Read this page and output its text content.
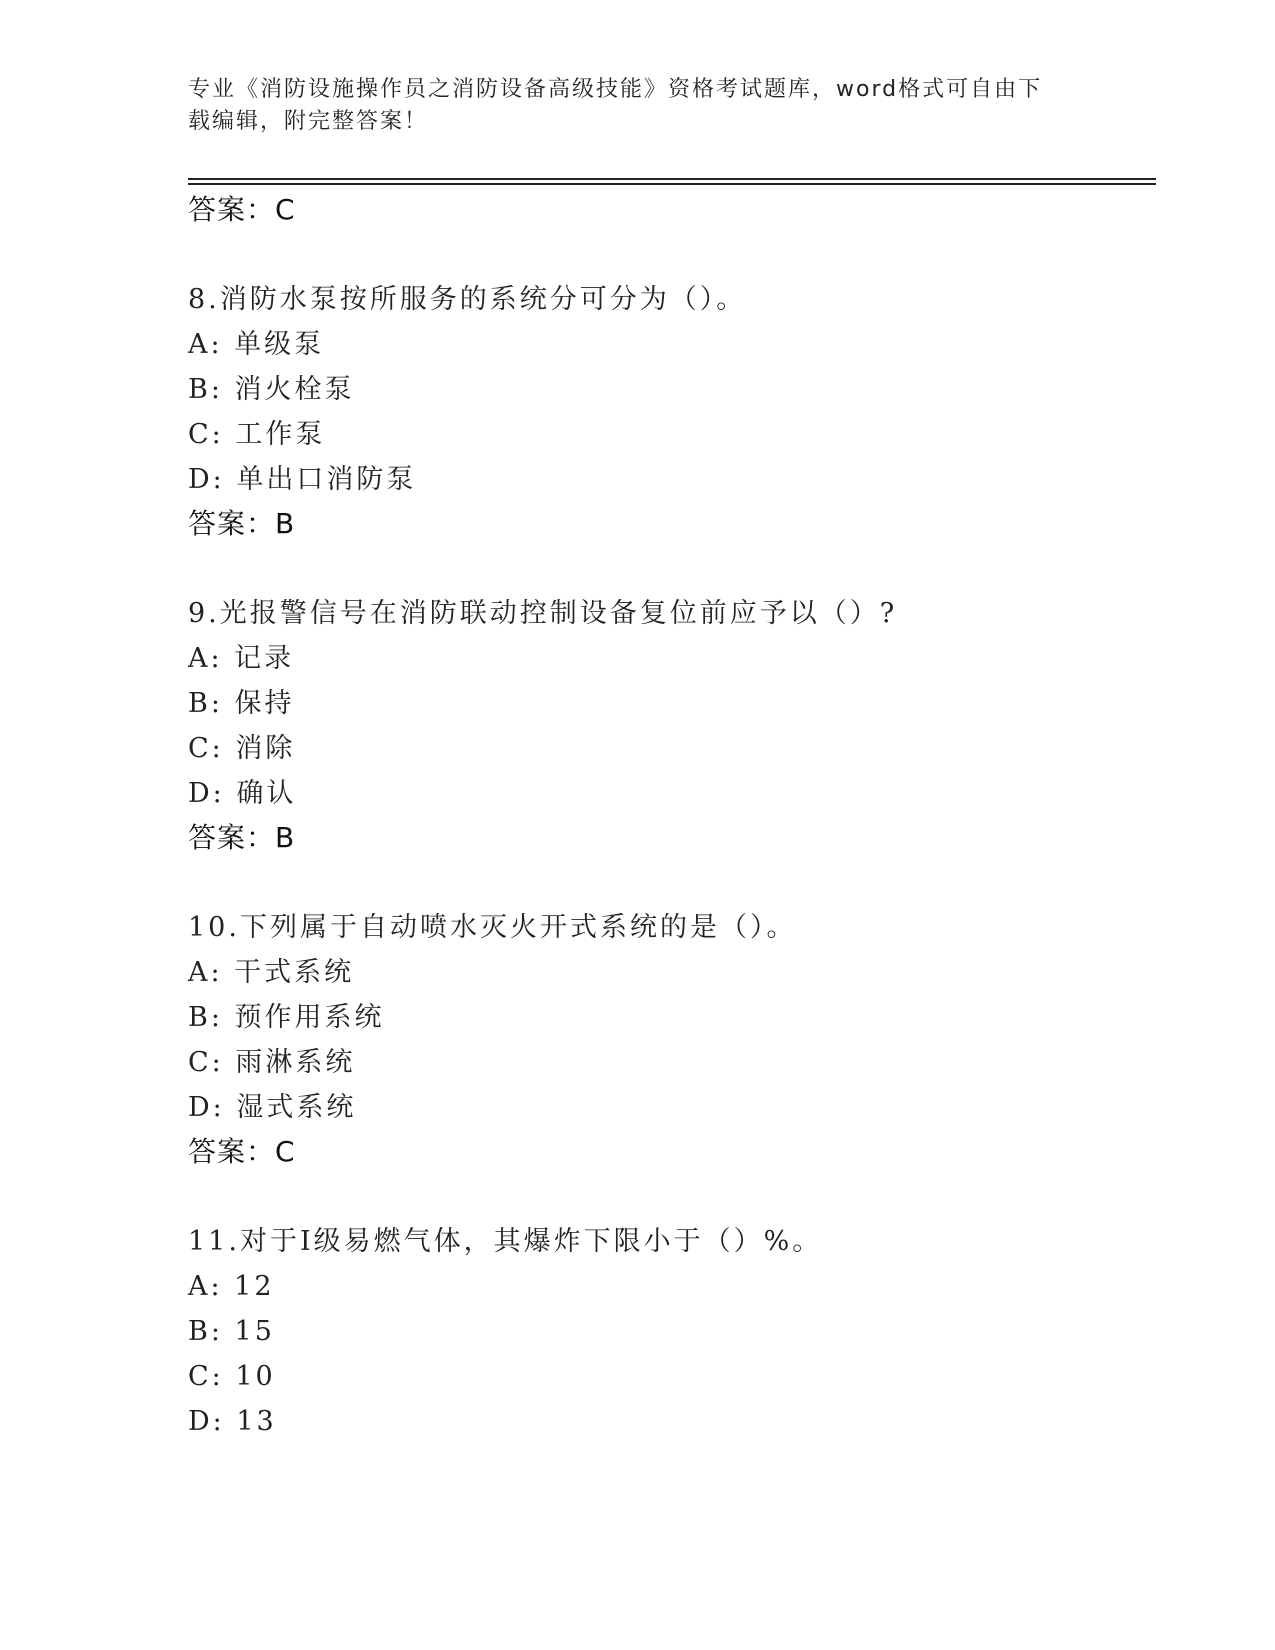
专业《消防设施操作员之消防设备高级技能》资格考试题库，word格式可自由下
载编辑，附完整答案！
答案：C
8.消防水泵按所服务的系统分可分为（）。
A: 单级泵
B: 消火栓泵
C: 工作泵
D: 单出口消防泵
答案：B
9.光报警信号在消防联动控制设备复位前应予以（）?
A: 记录
B: 保持
C: 消除
D: 确认
答案：B
10.下列属于自动喷水灭火开式系统的是（）。
A: 干式系统
B: 预作用系统
C: 雨淋系统
D: 湿式系统
答案：C
11.对于Ⅰ级易燃气体，其爆炸下限小于（）%。
A: 12
B: 15
C: 10
D: 13
